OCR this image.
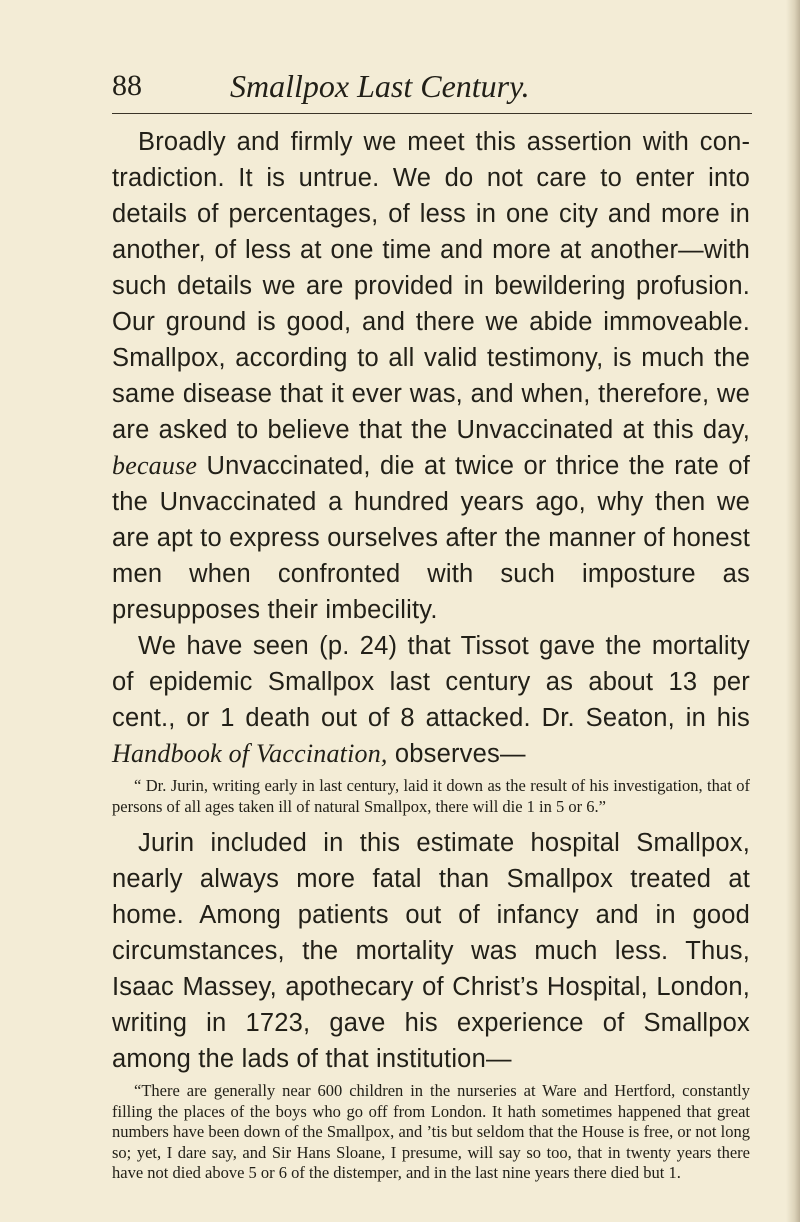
88	Smallpox Last Century.

Broadly and firmly we meet this assertion with contradiction. It is untrue. We do not care to enter into details of percentages, of less in one city and more in another, of less at one time and more at another—with such details we are provided in bewildering profusion. Our ground is good, and there we abide immoveable. Smallpox, according to all valid testimony, is much the same disease that it ever was, and when, therefore, we are asked to believe that the Unvaccinated at this day, because Unvaccinated, die at twice or thrice the rate of the Unvaccinated a hundred years ago, why then we are apt to express ourselves after the manner of honest men when confronted with such imposture as presupposes their imbecility.

We have seen (p. 24) that Tissot gave the mortality of epidemic Smallpox last century as about 13 per cent., or 1 death out of 8 attacked. Dr. Seaton, in his Handbook of Vaccination, observes—

“ Dr. Jurin, writing early in last century, laid it down as the result of his investigation, that of persons of all ages taken ill of natural Smallpox, there will die 1 in 5 or 6.”

Jurin included in this estimate hospital Smallpox, nearly always more fatal than Smallpox treated at home. Among patients out of infancy and in good circumstances, the mortality was much less. Thus, Isaac Massey, apothecary of Christ’s Hospital, London, writing in 1723, gave his experience of Smallpox among the lads of that institution—

“There are generally near 600 children in the nurseries at Ware and Hertford, constantly filling the places of the boys who go off from London. It hath sometimes happened that great numbers have been down of the Smallpox, and ’tis but seldom that the House is free, or not long so; yet, I dare say, and Sir Hans Sloane, I presume, will say so too, that in twenty years there have not died above 5 or 6 of the distemper, and in the last nine years there died but 1.
